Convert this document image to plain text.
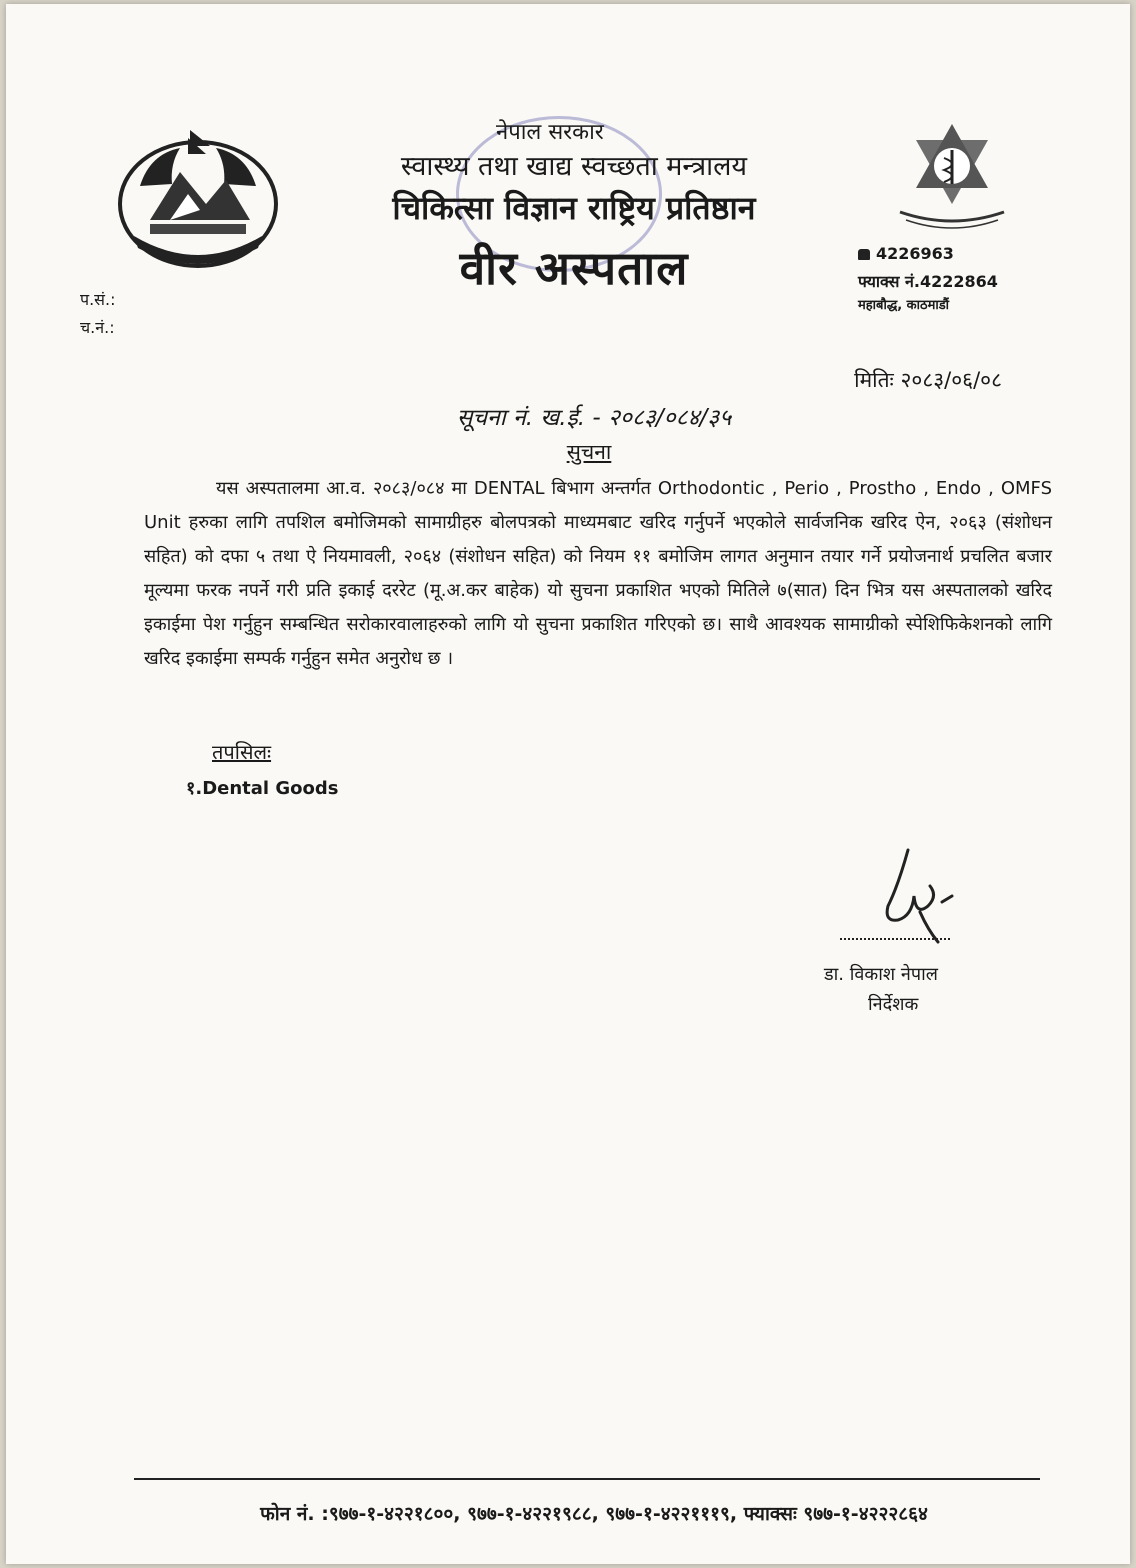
नेपाल सरकार
स्वास्थ्य तथा खाद्य स्वच्छता मन्त्रालय
चिकित्सा विज्ञान राष्ट्रिय प्रतिष्ठान
वीर अस्पताल	4226963
फ्याक्स नं.4222864
महाबौद्ध, काठमाडौं
प.सं.:
च.नं.:
मितिः २०८३/०६/०८
सूचना नं. ख.ई. - २०८३/०८४/३५
सुचना
यस अस्पतालमा आ.व. २०८३/०८४ मा DENTAL बिभाग अन्तर्गत Orthodontic , Perio , Prostho , Endo , OMFS Unit हरुका लागि तपशिल बमोजिमको सामाग्रीहरु बोलपत्रको माध्यमबाट खरिद गर्नुपर्ने भएकोले सार्वजनिक खरिद ऐन, २०६३ (संशोधन सहित) को दफा ५ तथा ऐ नियमावली, २०६४ (संशोधन सहित) को नियम ११ बमोजिम लागत अनुमान तयार गर्ने प्रयोजनार्थ प्रचलित बजार मूल्यमा फरक नपर्ने गरी प्रति इकाई दररेट (मू.अ.कर बाहेक) यो सुचना प्रकाशित भएको मितिले ७(सात) दिन भित्र यस अस्पतालको खरिद इकाईमा पेश गर्नुहुन सम्बन्धित सरोकारवालाहरुको लागि यो सुचना प्रकाशित गरिएको छ। साथै आवश्यक सामाग्रीको स्पेशिफिकेशनको लागि खरिद इकाईमा सम्पर्क गर्नुहुन समेत अनुरोध छ ।
तपसिलः
१.Dental Goods
डा. विकाश नेपाल
निर्देशक
फोन नं. :९७७-१-४२२१८००, ९७७-१-४२२१९८८, ९७७-१-४२२१११९, फ्याक्सः ९७७-१-४२२२८६४
